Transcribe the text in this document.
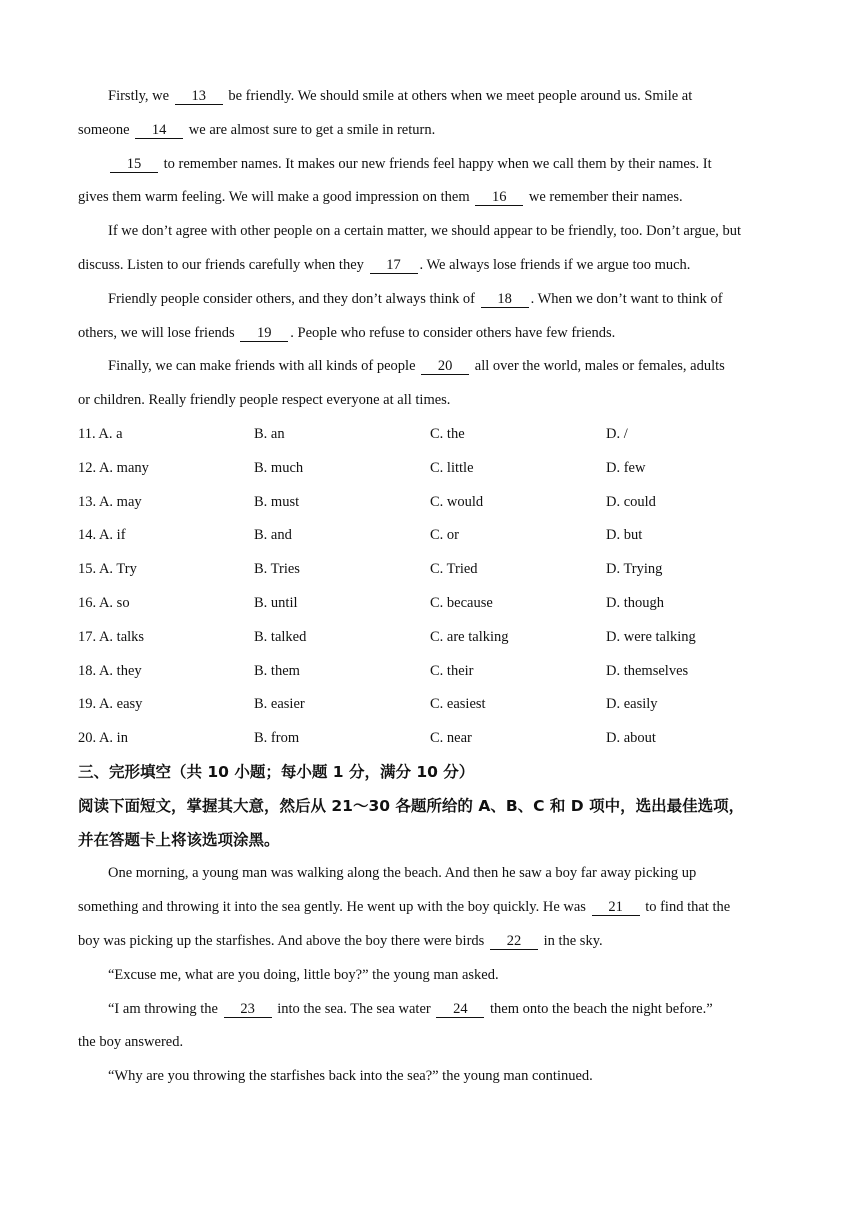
Firstly, we 13 be friendly. We should smile at others when we meet people around us. Smile at
someone 14 we are almost sure to get a smile in return.
15 to remember names. It makes our new friends feel happy when we call them by their names. It
gives them warm feeling. We will make a good impression on them 16 we remember their names.
If we don’t agree with other people on a certain matter, we should appear to be friendly, too. Don’t argue, but
discuss. Listen to our friends carefully when they 17 . We always lose friends if we argue too much.
Friendly people consider others, and they don’t always think of 18 . When we don’t want to think of
others, we will lose friends 19 . People who refuse to consider others have few friends.
Finally, we can make friends with all kinds of people 20 all over the world, males or females, adults
or children. Really friendly people respect everyone at all times.
11. A. a	B. an	C. the	D. /
12. A. many	B. much	C. little	D. few
13. A. may	B. must	C. would	D. could
14. A. if	B. and	C. or	D. but
15. A. Try	B. Tries	C. Tried	D. Trying
16. A. so	B. until	C. because	D. though
17. A. talks	B. talked	C. are talking	D. were talking
18. A. they	B. them	C. their	D. themselves
19. A. easy	B. easier	C. easiest	D. easily
20. A. in	B. from	C. near	D. about
三、完形填空（共 10 小题；每小题 1 分，满分 10 分）
阅读下面短文，掌握其大意，然后从 21～30 各题所给的 A、B、C 和 D 项中，选出最佳选项，
并在答题卡上将该选项涂黑。
One morning, a young man was walking along the beach. And then he saw a boy far away picking up
something and throwing it into the sea gently. He went up with the boy quickly. He was 21 to find that the
boy was picking up the starfishes. And above the boy there were birds 22 in the sky.
“Excuse me, what are you doing, little boy?” the young man asked.
“I am throwing the 23 into the sea. The sea water 24 them onto the beach the night before.”
the boy answered.
“Why are you throwing the starfishes back into the sea?” the young man continued.
